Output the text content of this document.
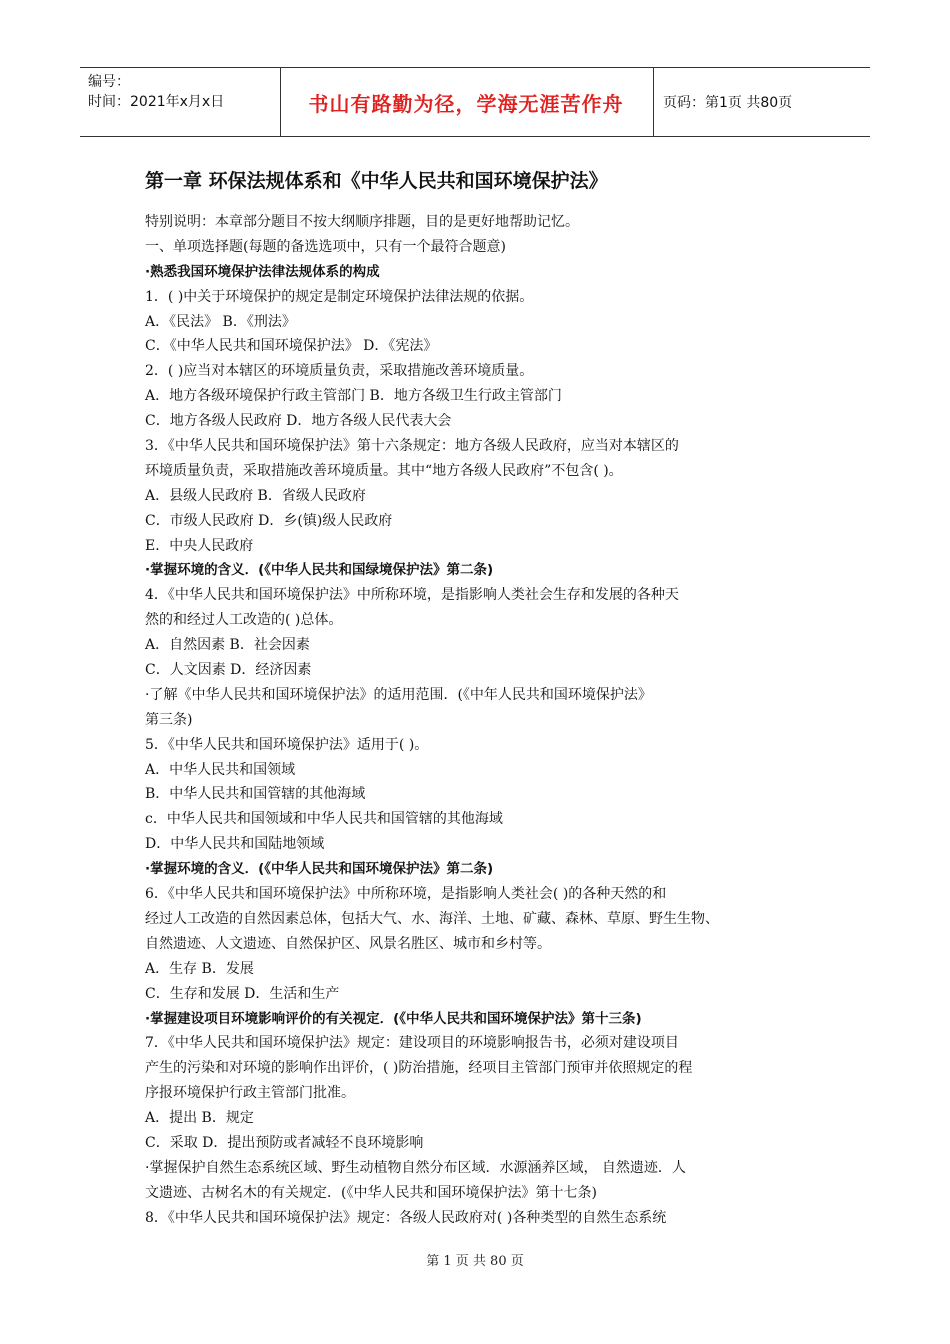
编号：
时间：2021年x月x日	书山有路勤为径，学海无涯苦作舟	页码：第1页 共80页
第一章 环保法规体系和《中华人民共和国环境保护法》
特别说明：本章部分题目不按大纲顺序排题，目的是更好地帮助记忆。
一、单项选择题(每题的备选选项中，只有一个最符合题意)
·熟悉我国环境保护法律法规体系的构成
1．( )中关于环境保护的规定是制定环境保护法律法规的依据。
A．《民法》 B．《刑法》
C．《中华人民共和国环境保护法》 D．《宪法》
2．( )应当对本辖区的环境质量负责，采取措施改善环境质量。
A．地方各级环境保护行政主管部门 B．地方各级卫生行政主管部门
C．地方各级人民政府 D．地方各级人民代表大会
3．《中华人民共和国环境保护法》第十六条规定：地方各级人民政府，应当对本辖区的
环境质量负责，采取措施改善环境质量。其中“地方各级人民政府”不包含( )。
A．县级人民政府 B．省级人民政府
C．市级人民政府 D．乡(镇)级人民政府
E．中央人民政府
·掌握环境的含义．(《中华人民共和国绿境保护法》第二条)
4．《中华人民共和国环境保护法》中所称环境，是指影响人类社会生存和发展的各种天
然的和经过人工改造的( )总体。
A．自然因素 B．社会因素
C．人文因素 D．经济因素
·了解《中华人民共和国环境保护法》的适用范围．(《中年人民共和国环境保护法》
第三条)
5．《中华人民共和国环境保护法》适用于( )。
A．中华人民共和国领域
B．中华人民共和国管辖的其他海域
c．中华人民共和国领域和中华人民共和国管辖的其他海域
D．中华人民共和国陆地领域
·掌握环境的含义．(《中华人民共和国环境保护法》第二条)
6．《中华人民共和国环境保护法》中所称环境，是指影响人类社会( )的各种天然的和
经过人工改造的自然因素总体，包括大气、水、海洋、土地、矿藏、森林、草原、野生生物、
自然遗迹、人文遗迹、自然保护区、风景名胜区、城市和乡村等。
A．生存 B．发展
C．生存和发展 D．生活和生产
·掌握建设项目环境影响评价的有关视定．(《中华人民共和国环境保护法》第十三条)
7．《中华人民共和国环境保护法》规定：建设项目的环境影响报告书，必须对建设项目
产生的污染和对环境的影响作出评价，( )防治措施，经项目主管部门预审并依照规定的程
序报环境保护行政主管部门批准。
A．提出 B．规定
C．采取 D．提出预防或者减轻不良环境影响
·掌握保护自然生态系统区域、野生动植物自然分布区域．水源涵养区域， 自然遗迹．人
文遗迹、古树名木的有关规定．(《中华人民共和国环境保护法》第十七条)
8．《中华人民共和国环境保护法》规定：各级人民政府对( )各种类型的自然生态系统
第 1 页 共 80 页
